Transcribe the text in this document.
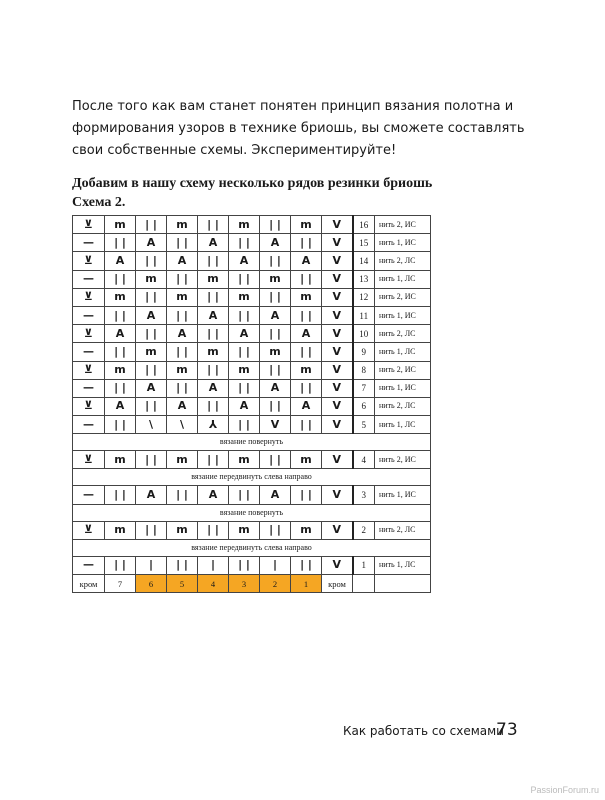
После того как вам станет понятен принцип вязания полотна и формирования узоров в технике бриошь, вы сможете составлять свои собственные схемы. Экспериментируйте!

Добавим в нашу схему несколько рядов резинки бриошь

Схема 2.

⊻	m	| |	m	| |	m	| |	m	V	16	нить 2, ИС
—	| |	A	| |	A	| |	A	| |	V	15	нить 1, ИС
⊻	A	| |	A	| |	A	| |	A	V	14	нить 2, ЛС
—	| |	m	| |	m	| |	m	| |	V	13	нить 1, ЛС
⊻	m	| |	m	| |	m	| |	m	V	12	нить 2, ИС
—	| |	A	| |	A	| |	A	| |	V	11	нить 1, ИС
⊻	A	| |	A	| |	A	| |	A	V	10	нить 2, ЛС
—	| |	m	| |	m	| |	m	| |	V	9	нить 1, ЛС
⊻	m	| |	m	| |	m	| |	m	V	8	нить 2, ИС
—	| |	A	| |	A	| |	A	| |	V	7	нить 1, ИС
⊻	A	| |	A	| |	A	| |	A	V	6	нить 2, ЛС
—	| |	\	\	⅄	| |	V	| |	V	5	нить 1, ЛС
вязание повернуть										
⊻	m	| |	m	| |	m	| |	m	V	4	нить 2, ИС
вязание передвинуть слева направо										
—	| |	A	| |	A	| |	A	| |	V	3	нить 1, ИС
вязание повернуть										
⊻	m	| |	m	| |	m	| |	m	V	2	нить 2, ЛС
вязание передвинуть слева направо										
—	| |	|	| |	|	| |	|	| |	V	1	нить 1, ЛС
кром	7	6	5	4	3	2	1	кром		
Как работать со схемами
73
PassionForum.ru
